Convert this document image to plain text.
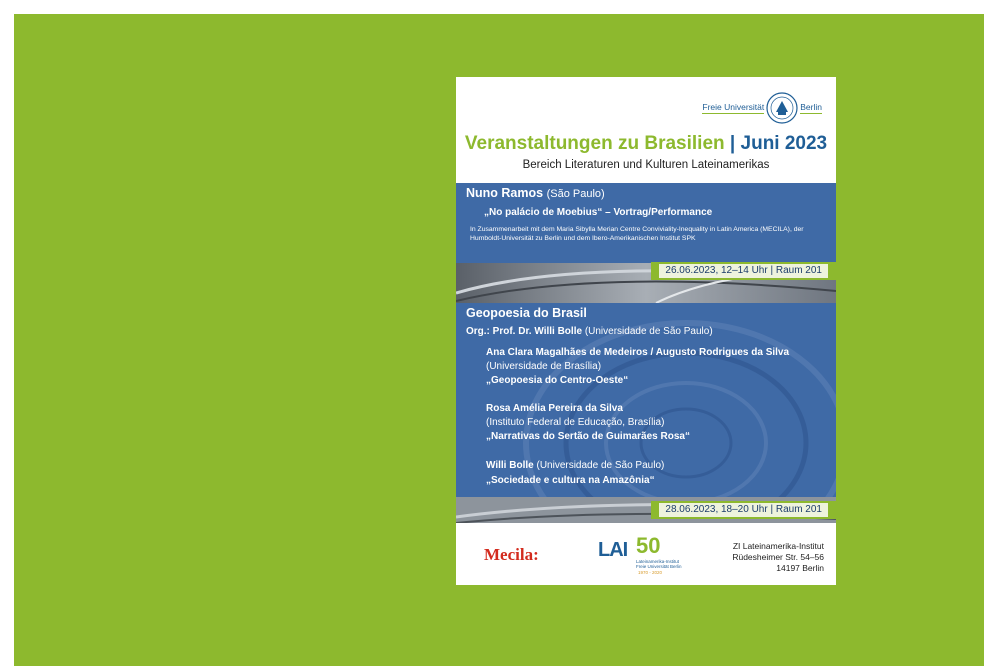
Freie Universität	Berlin
Veranstaltungen zu Brasilien | Juni 2023
Bereich Literaturen und Kulturen Lateinamerikas
Nuno Ramos (São Paulo)
„No palácio de Moebius“ – Vortrag/Performance
In Zusammenarbeit mit dem Maria Sibylla Merian Centre Conviviality-Inequality in Latin America (MECILA), der Humboldt-Universität zu Berlin und dem Ibero-Amerikanischen Institut SPK
26.06.2023, 12–14 Uhr | Raum 201
Geopoesia do Brasil
Org.: Prof. Dr. Willi Bolle (Universidade de São Paulo)
Ana Clara Magalhães de Medeiros / Augusto Rodrigues da Silva
(Universidade de Brasília)
„Geopoesia do Centro-Oeste“
Rosa Amélia Pereira da Silva
(Instituto Federal de Educação, Brasília)
„Narrativas do Sertão de Guimarães Rosa“
Willi Bolle (Universidade de São Paulo)
„Sociedade e cultura na Amazônia“
28.06.2023, 18–20 Uhr | Raum 201
Mecila:	LAI 50
Lateinamerika-Institut
Freie Universität Berlin
1970 - 2020
ZI Lateinamerika-Institut
Rüdesheimer Str. 54–56
14197 Berlin
